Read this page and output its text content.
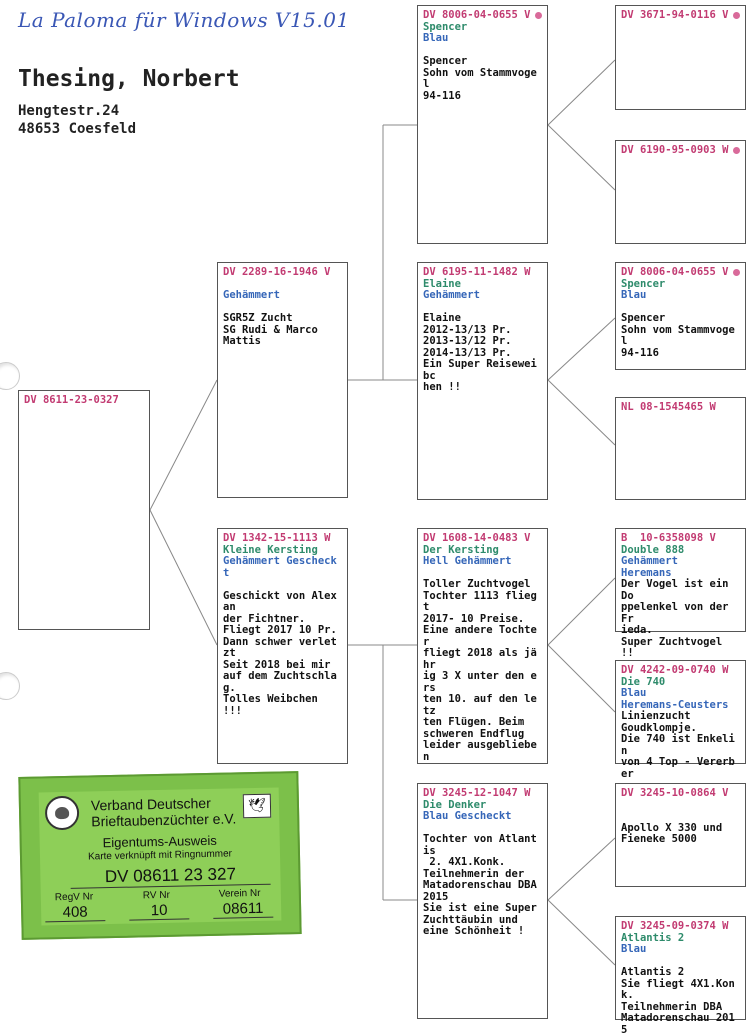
La Paloma für Windows V15.01
Thesing, Norbert
Hengtestr.24
48653 Coesfeld
DV 8611-23-0327
DV 2289-16-1946 V
Gehämmert
SGR5Z Zucht
SG Rudi & Marco
Mattis
DV 1342-15-1113 W
Kleine Kersting
Gehämmert Gescheckt
Geschickt von Alexan
der Fichtner.
Fliegt 2017 10 Pr.
Dann schwer verletzt
Seit 2018 bei mir
auf dem Zuchtschlag.
Tolles Weibchen !!!
DV 8006-04-0655 V
Spencer
Blau
Spencer
Sohn vom Stammvogel
94-116
DV 6195-11-1482 W
Elaine
Gehämmert
Elaine
2012-13/13 Pr.
2013-13/12 Pr.
2014-13/13 Pr.
Ein Super Reiseweibc
hen !!
DV 1608-14-0483 V
Der Kersting
Hell Gehämmert
Toller Zuchtvogel
Tochter 1113 fliegt
2017- 10 Preise.
Eine andere Tochter
fliegt 2018 als jähr
ig 3 X unter den ers
ten 10. auf den letz
ten Flügen. Beim
schweren Endflug
leider ausgeblieben
DV 3245-12-1047 W
Die Denker
Blau Gescheckt
Tochter von Atlantis
2. 4X1.Konk.
Teilnehmerin der
Matadorenschau DBA
2015
Sie ist eine Super
Zuchttäubin und
eine Schönheit !
DV 3671-94-0116 V
DV 6190-95-0903 W
DV 8006-04-0655 V
Spencer
Blau
Spencer
Sohn vom Stammvogel
94-116
NL 08-1545465 W
B  10-6358098 V
Double 888
Gehämmert
Heremans
Der Vogel ist ein Do
ppelenkel von der Fr
ieda.
Super Zuchtvogel !!
DV 4242-09-0740 W
Die 740
Blau
Heremans-Ceusters
Linienzucht
Goudklompje.
Die 740 ist Enkelin
von 4 Top - Vererber
DV 3245-10-0864 V
Apollo X 330 und
Fieneke 5000
DV 3245-09-0374 W
Atlantis 2
Blau
Atlantis 2
Sie fliegt 4X1.Konk.
Teilnehmerin DBA
Matadorenschau 2015
Verband Deutscher
Brieftaubenzüchter e.V.
🕊
Eigentums-Ausweis
Karte verknüpft mit Ringnummer
DV 08611 23 327
RegV Nr	RV Nr	Verein Nr
408	10	08611
